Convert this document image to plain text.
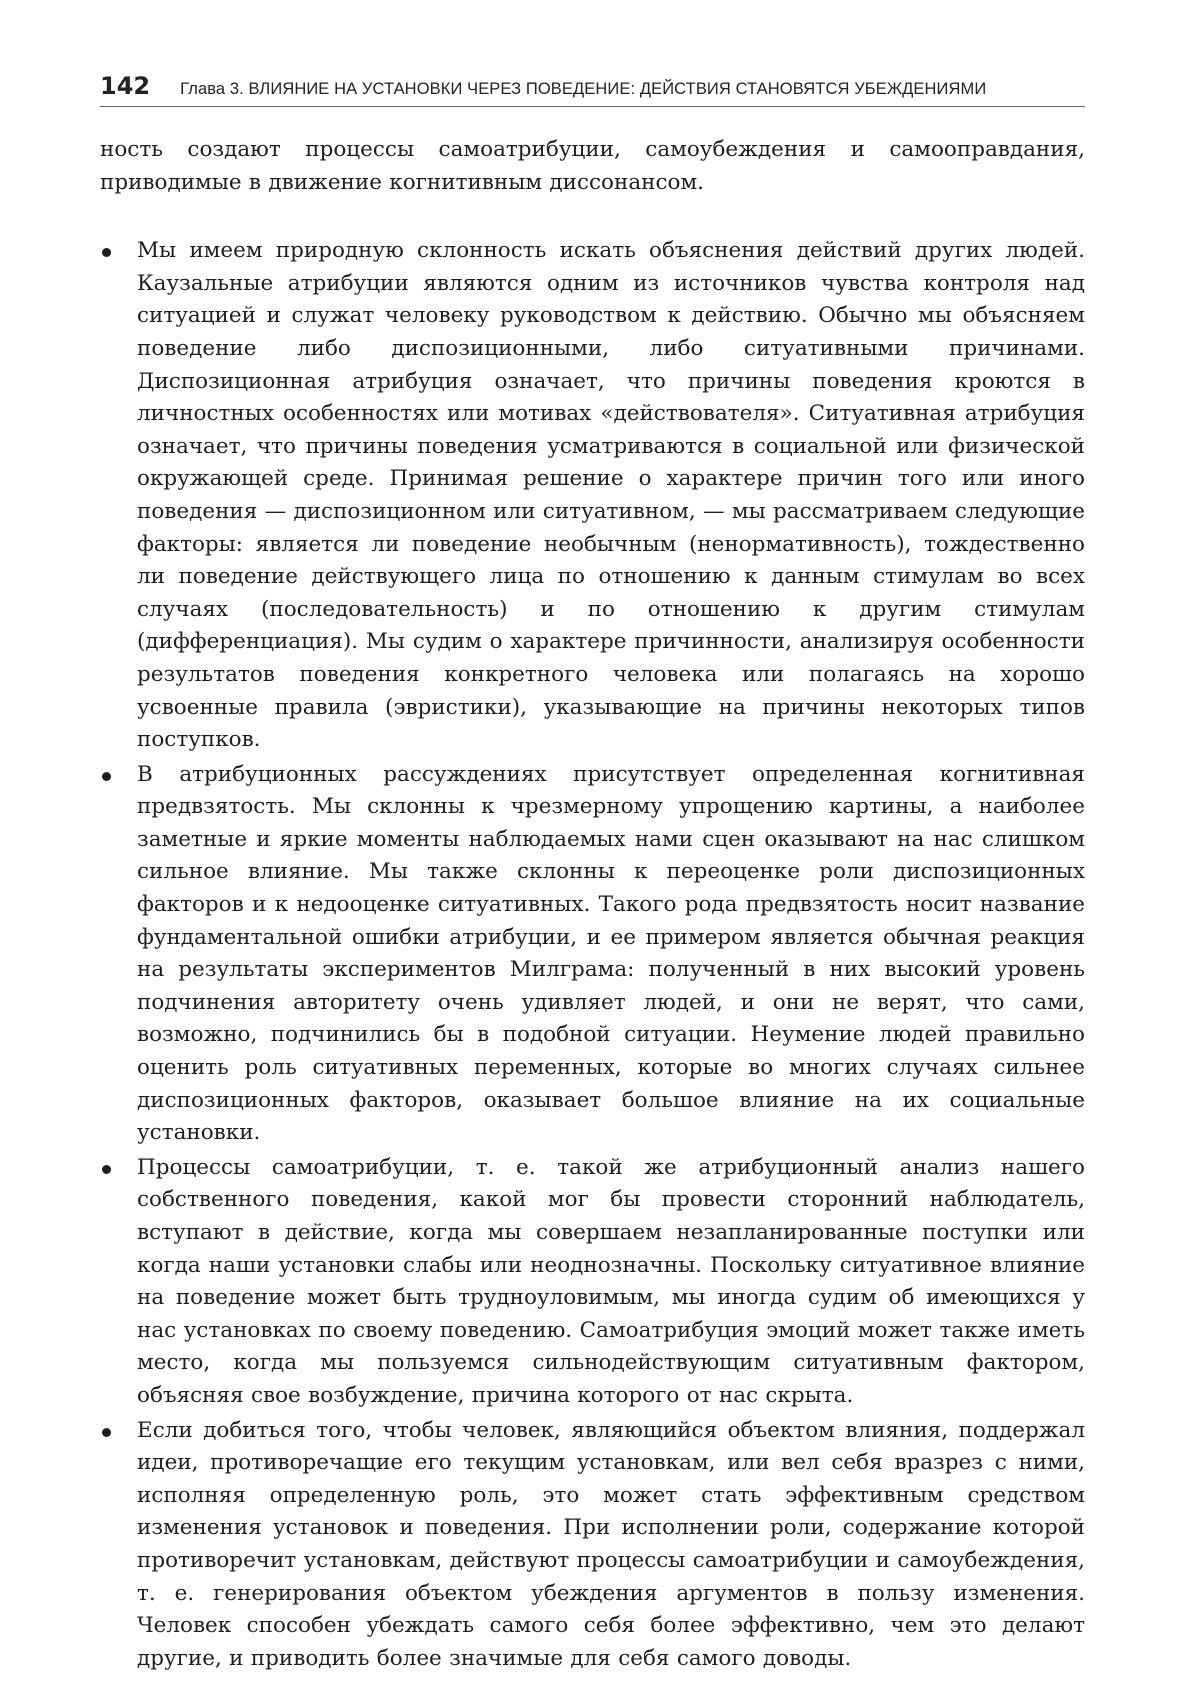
142 Глава 3. ВЛИЯНИЕ НА УСТАНОВКИ ЧЕРЕЗ ПОВЕДЕНИЕ: ДЕЙСТВИЯ СТАНОВЯТСЯ УБЕЖДЕНИЯМИ

ность создают процессы самоатрибуции, самоубеждения и самооправдания, приводимые в движение когнитивным диссонансом.

Мы имеем природную склонность искать объяснения действий других людей. Каузальные атрибуции являются одним из источников чувства контроля над ситуацией и служат человеку руководством к действию. Обычно мы объясняем поведение либо диспозиционными, либо ситуативными причинами. Диспозиционная атрибуция означает, что причины поведения кроются в личностных особенностях или мотивах «действователя». Ситуативная атрибуция означает, что причины поведения усматриваются в социальной или физической окружающей среде. Принимая решение о характере причин того или иного поведения — диспозиционном или ситуативном, — мы рассматриваем следующие факторы: является ли поведение необычным (ненормативность), тождественно ли поведение действующего лица по отношению к данным стимулам во всех случаях (последовательность) и по отношению к другим стимулам (дифференциация). Мы судим о характере причинности, анализируя особенности результатов поведения конкретного человека или полагаясь на хорошо усвоенные правила (эвристики), указывающие на причины некоторых типов поступков.
В атрибуционных рассуждениях присутствует определенная когнитивная предвзятость. Мы склонны к чрезмерному упрощению картины, а наиболее заметные и яркие моменты наблюдаемых нами сцен оказывают на нас слишком сильное влияние. Мы также склонны к переоценке роли диспозиционных факторов и к недооценке ситуативных. Такого рода предвзятость носит название фундаментальной ошибки атрибуции, и ее примером является обычная реакция на результаты экспериментов Милграма: полученный в них высокий уровень подчинения авторитету очень удивляет людей, и они не верят, что сами, возможно, подчинились бы в подобной ситуации. Неумение людей правильно оценить роль ситуативных переменных, которые во многих случаях сильнее диспозиционных факторов, оказывает большое влияние на их социальные установки.
Процессы самоатрибуции, т. е. такой же атрибуционный анализ нашего собственного поведения, какой мог бы провести сторонний наблюдатель, вступают в действие, когда мы совершаем незапланированные поступки или когда наши установки слабы или неоднозначны. Поскольку ситуативное влияние на поведение может быть трудноуловимым, мы иногда судим об имеющихся у нас установках по своему поведению. Самоатрибуция эмоций может также иметь место, когда мы пользуемся сильнодействующим ситуативным фактором, объясняя свое возбуждение, причина которого от нас скрыта.
Если добиться того, чтобы человек, являющийся объектом влияния, поддержал идеи, противоречащие его текущим установкам, или вел себя вразрез с ними, исполняя определенную роль, это может стать эффективным средством изменения установок и поведения. При исполнении роли, содержание которой противоречит установкам, действуют процессы самоатрибуции и самоубеждения, т. е. генерирования объектом убеждения аргументов в пользу изменения. Человек способен убеждать самого себя более эффективно, чем это делают другие, и приводить более значимые для себя самого доводы.
